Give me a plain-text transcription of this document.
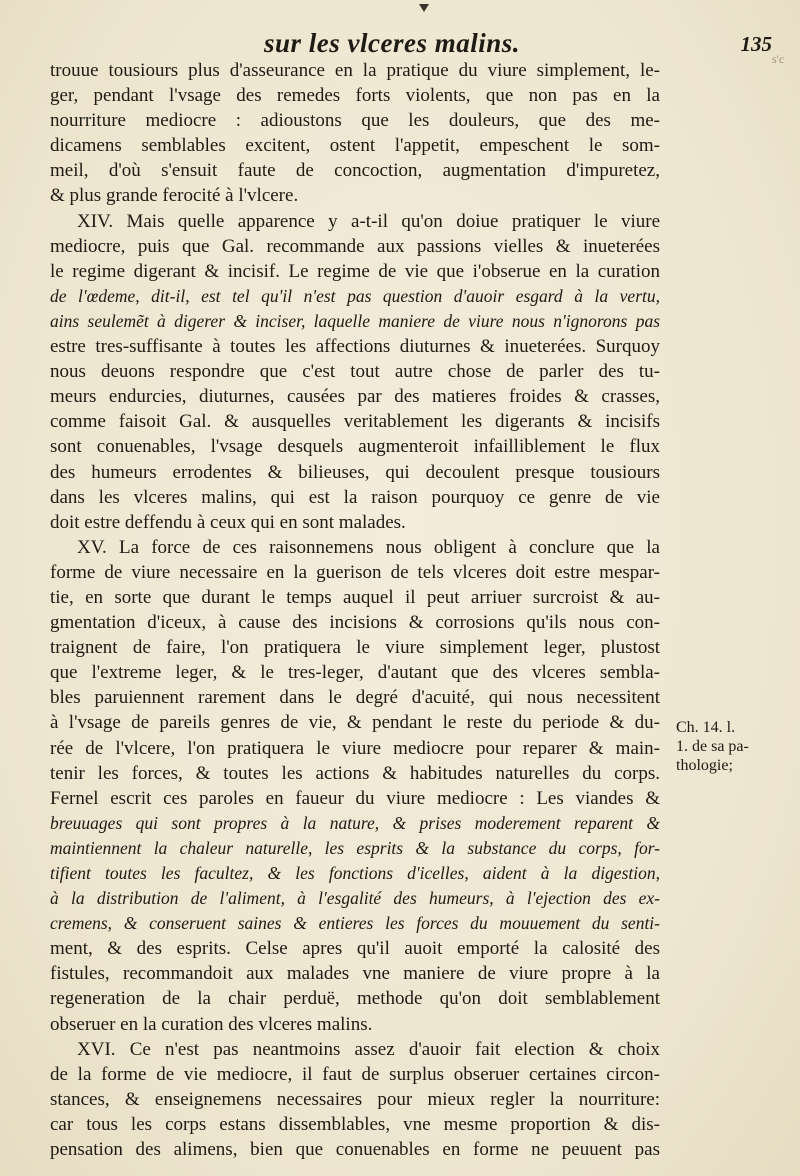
s'c
sur les vlceres malins.	135
trouue tousiours plus d'asseurance en la pratique du viure simplement, le-
ger, pendant l'vsage des remedes forts violents, que non pas en la
nourriture mediocre : adioustons que les douleurs, que des me-
dicamens semblables excitent, ostent l'appetit, empeschent le som-
meil, d'où s'ensuit faute de concoction, augmentation d'impuretez,
& plus grande ferocité à l'vlcere.
XIV. Mais quelle apparence y a-t-il qu'on doiue pratiquer le viure
mediocre, puis que Gal. recommande aux passions vielles & inueterées
le regime digerant & incisif. Le regime de vie que i'obserue en la curation
de l'œdeme, dit-il, est tel qu'il n'est pas question d'auoir esgard à la vertu,
ains seulemẽt à digerer & inciser, laquelle maniere de viure nous n'ignorons pas
estre tres-suffisante à toutes les affections diuturnes & inueterées. Surquoy
nous deuons respondre que c'est tout autre chose de parler des tu-
meurs endurcies, diuturnes, causées par des matieres froides & crasses,
comme faisoit Gal. & ausquelles veritablement les digerants & incisifs
sont conuenables, l'vsage desquels augmenteroit infailliblement le flux
des humeurs errodentes & bilieuses, qui decoulent presque tousiours
dans les vlceres malins, qui est la raison pourquoy ce genre de vie
doit estre deffendu à ceux qui en sont malades.
XV. La force de ces raisonnemens nous obligent à conclure que la
forme de viure necessaire en la guerison de tels vlceres doit estre mespar-
tie, en sorte que durant le temps auquel il peut arriuer surcroist & au-
gmentation d'iceux, à cause des incisions & corrosions qu'ils nous con-
traignent de faire, l'on pratiquera le viure simplement leger, plustost
que l'extreme leger, & le tres-leger, d'autant que des vlceres sembla-
bles paruiennent rarement dans le degré d'acuité, qui nous necessitent
à l'vsage de pareils genres de vie, & pendant le reste du periode & du-
rée de l'vlcere, l'on pratiquera le viure mediocre pour reparer & main-
tenir les forces, & toutes les actions & habitudes naturelles du corps.
Fernel escrit ces paroles en faueur du viure mediocre : Les viandes &
breuuages qui sont propres à la nature, & prises moderement reparent &
maintiennent la chaleur naturelle, les esprits & la substance du corps, for-
tifient toutes les facultez, & les fonctions d'icelles, aident à la digestion,
à la distribution de l'aliment, à l'esgalité des humeurs, à l'ejection des ex-
cremens, & conseruent saines & entieres les forces du mouuement du senti-
ment, & des esprits. Celse apres qu'il auoit emporté la calosité des
fistules, recommandoit aux malades vne maniere de viure propre à la
regeneration de la chair perduë, methode qu'on doit semblablement
obseruer en la curation des vlceres malins.
XVI. Ce n'est pas neantmoins assez d'auoir fait election & choix
de la forme de vie mediocre, il faut de surplus obseruer certaines circon-
stances, & enseignemens necessaires pour mieux regler la nourriture:
car tous les corps estans dissemblables, vne mesme proportion & dis-
pensation des alimens, bien que conuenables en forme ne peuuent pas
Ch. 14. l.
1. de sa pa-
thologie;
